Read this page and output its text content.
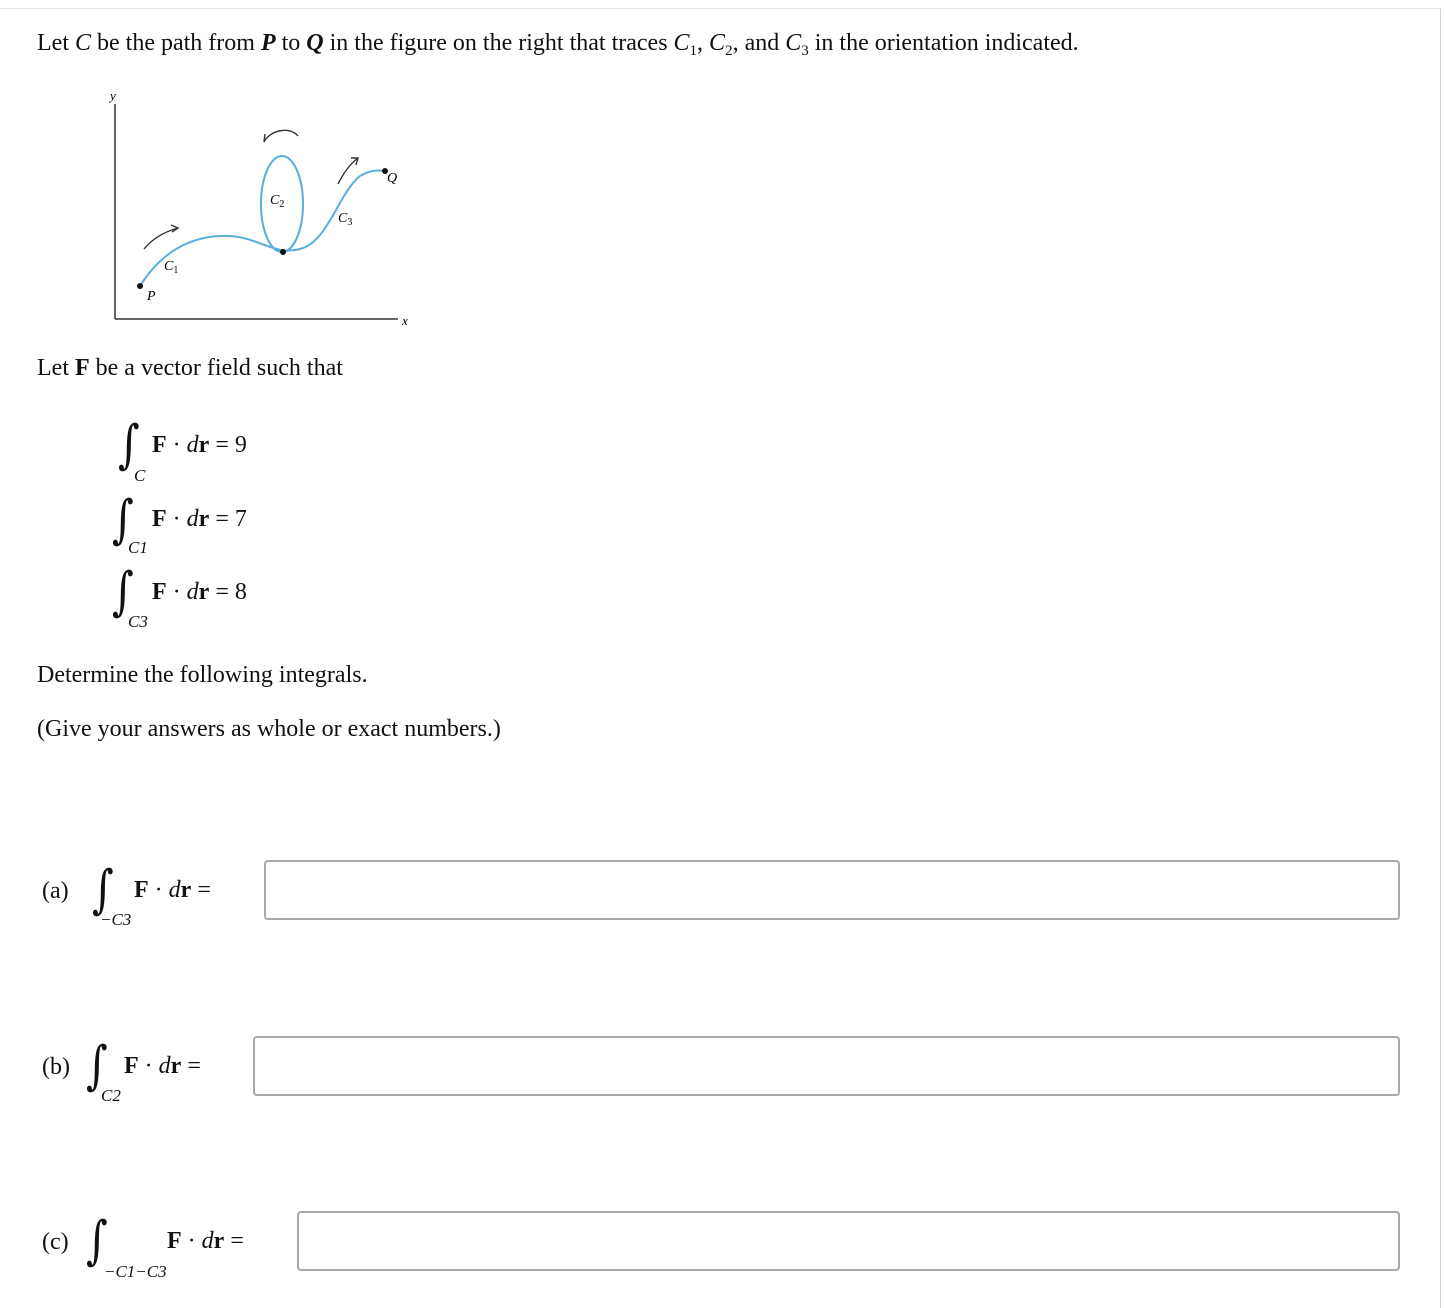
Let C be the path from P to Q in the figure on the right that traces $C_1$, $C_2$, and $C_3$ in the orientation indicated.
y
x
P
Q
$C_1$
$C_2$
$C_3$
Let F be a vector field such that
∫
C
F · dr = 9
∫
C1
F · dr = 7
∫
C3
F · dr = 8
Determine the following integrals.
(Give your answers as whole or exact numbers.)
(a) ∫
−C3
F · dr =
(b) ∫
C2
F · dr =
(c) ∫
−C1−C3
F · dr =
